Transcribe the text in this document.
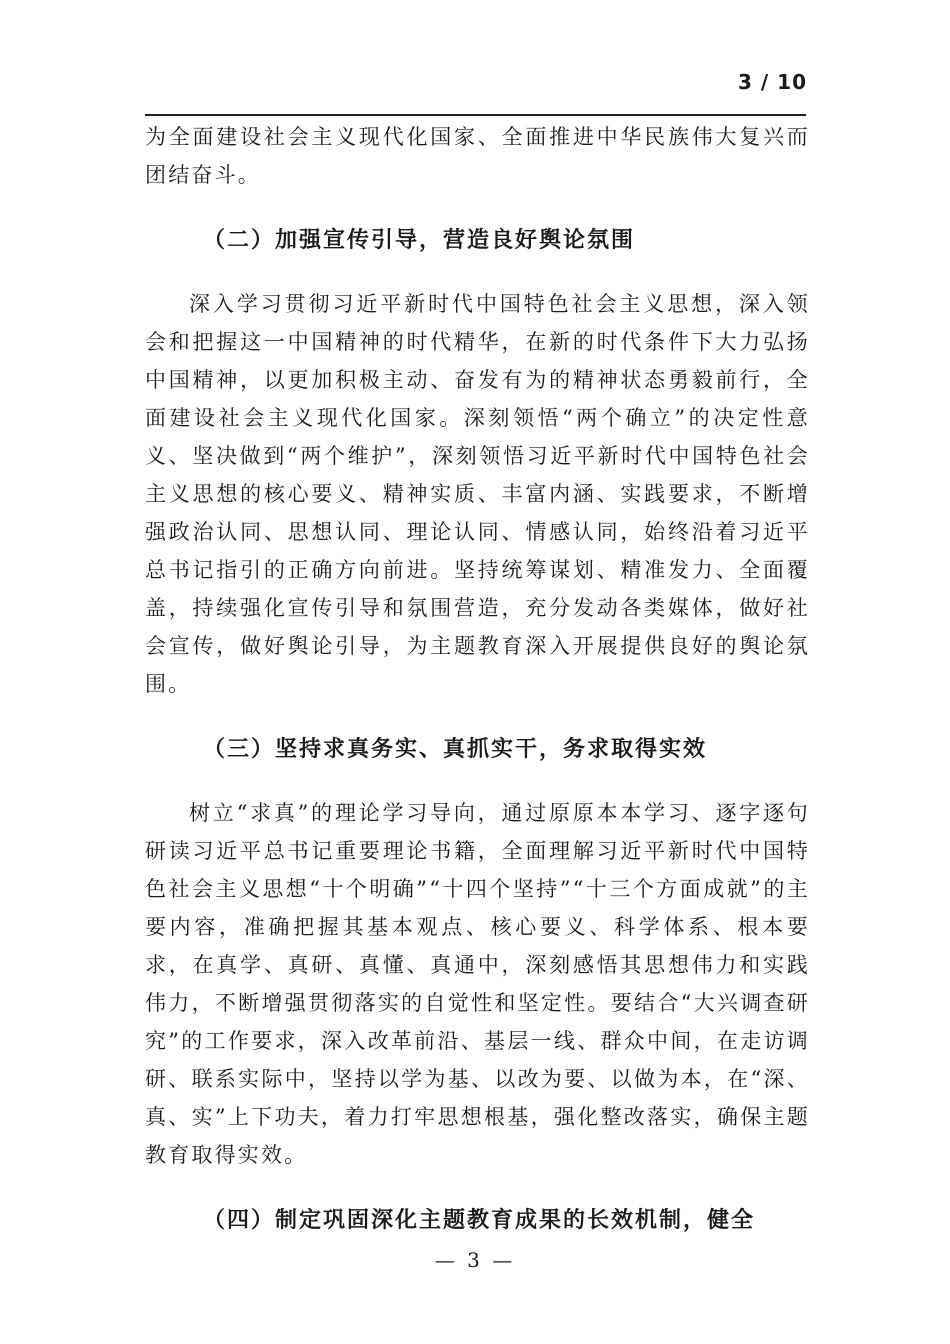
3 / 10

为全面建设社会主义现代化国家、全面推进中华民族伟大复兴而团结奋斗。

（二）加强宣传引导，营造良好舆论氛围

深入学习贯彻习近平新时代中国特色社会主义思想，深入领会和把握这一中国精神的时代精华，在新的时代条件下大力弘扬中国精神，以更加积极主动、奋发有为的精神状态勇毅前行，全面建设社会主义现代化国家。深刻领悟“两个确立”的决定性意义、坚决做到“两个维护”，深刻领悟习近平新时代中国特色社会主义思想的核心要义、精神实质、丰富内涵、实践要求，不断增强政治认同、思想认同、理论认同、情感认同，始终沿着习近平总书记指引的正确方向前进。坚持统筹谋划、精准发力、全面覆盖，持续强化宣传引导和氛围营造，充分发动各类媒体，做好社会宣传，做好舆论引导，为主题教育深入开展提供良好的舆论氛围。

（三）坚持求真务实、真抓实干，务求取得实效

树立“求真”的理论学习导向，通过原原本本学习、逐字逐句研读习近平总书记重要理论书籍，全面理解习近平新时代中国特色社会主义思想“十个明确”“十四个坚持”“十三个方面成就”的主要内容，准确把握其基本观点、核心要义、科学体系、根本要求，在真学、真研、真懂、真通中，深刻感悟其思想伟力和实践伟力，不断增强贯彻落实的自觉性和坚定性。要结合“大兴调查研究”的工作要求，深入改革前沿、基层一线、群众中间，在走访调研、联系实际中，坚持以学为基、以改为要、以做为本，在“深、真、实”上下功夫，着力打牢思想根基，强化整改落实，确保主题教育取得实效。

（四）制定巩固深化主题教育成果的长效机制，健全
— 3 —
